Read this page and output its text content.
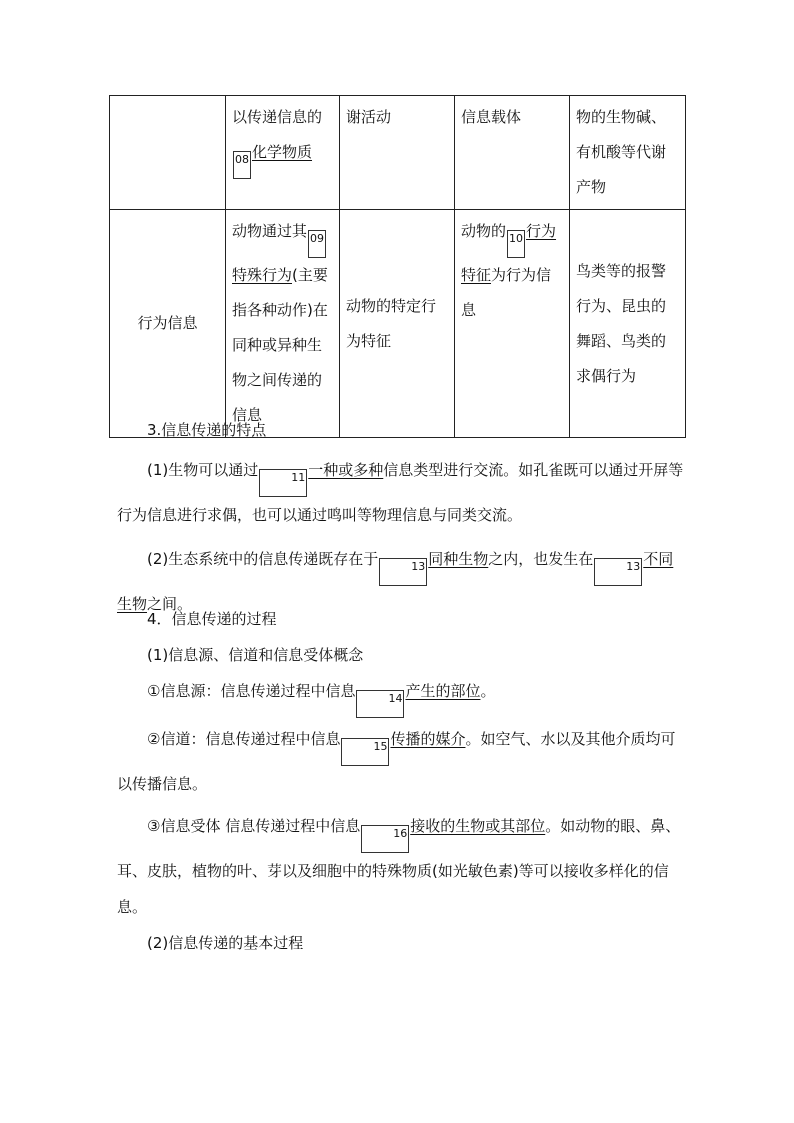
	以传递信息的08 化学物质	谢活动	信息载体	物的生物碱、有机酸等代谢产物
行为信息	动物通过其 09特殊行为(主要指各种动作)在同种或异种生物之间传递的信息	动物的特定行为特征	动物的 10 行为特征为行为信息	鸟类等的报警行为、昆虫的舞蹈、鸟类的求偶行为

3.信息传递的特点

(1)生物可以通过	11 一种或多种信息类型进行交流。如孔雀既可以通过开屏等行为信息进行求偶，也可以通过鸣叫等物理信息与同类交流。

(2)生态系统中的信息传递既存在于	13 同种生物之内，也发生在	13 不同生物之间。

4．信息传递的过程

(1)信息源、信道和信息受体概念

①信息源：信息传递过程中信息	14 产生的部位。

②信道：信息传递过程中信息	15 传播的媒介。如空气、水以及其他介质均可以传播信息。

③信息受体 信息传递过程中信息	16 接收的生物或其部位。如动物的眼、鼻、耳、皮肤，植物的叶、芽以及细胞中的特殊物质(如光敏色素)等可以接收多样化的信息。

(2)信息传递的基本过程
